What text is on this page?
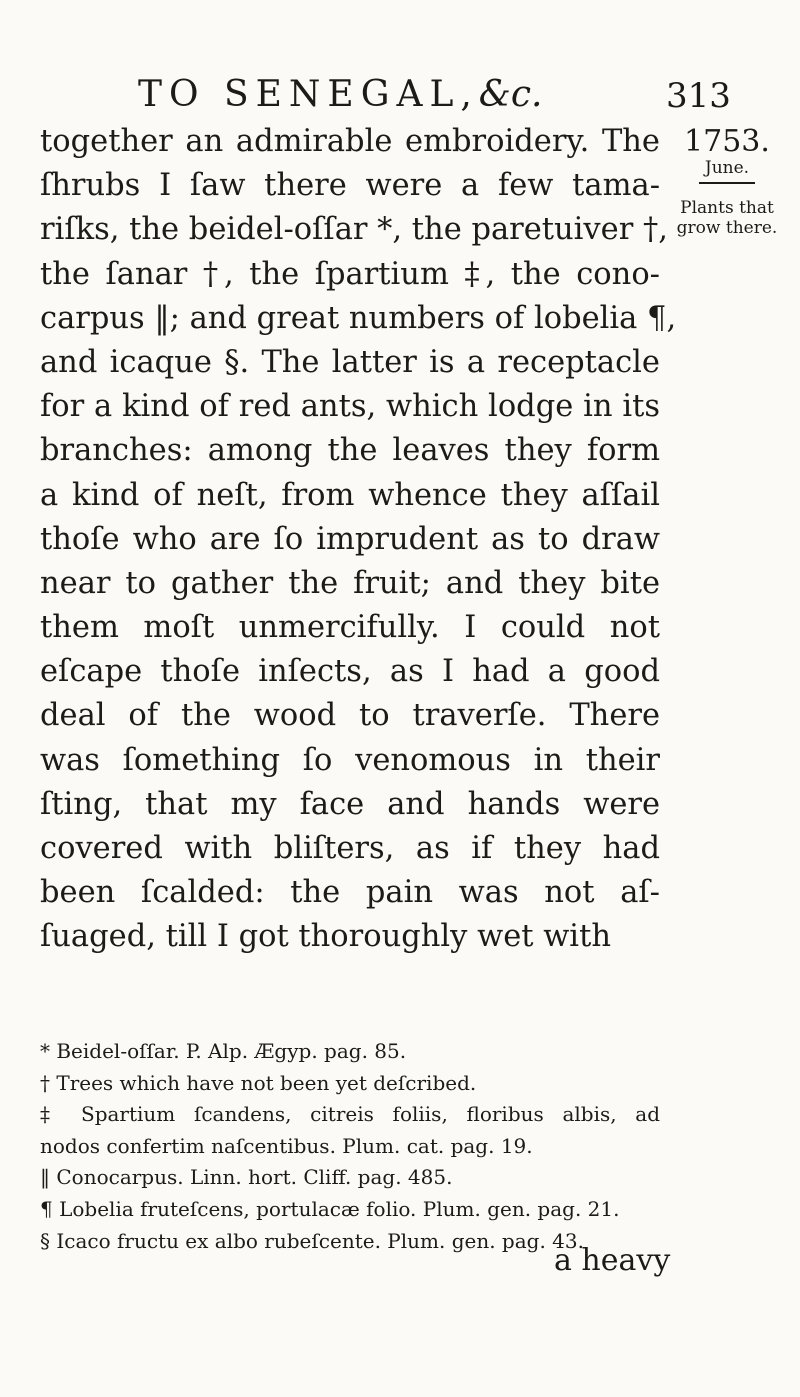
TO SENEGAL,&c.	313
1753.
June.
Plants that
grow there.
together an admirable embroidery. The
ſhrubs I ſaw there were a few tama-
riſks, the beidel-oſſar *, the paretuiver †,
the ſanar †, the ſpartium ‡, the cono-
carpus ‖; and great numbers of lobelia ¶,
and icaque §. The latter is a receptacle
for a kind of red ants, which lodge in its
branches: among the leaves they form
a kind of neſt, from whence they aſſail
thoſe who are ſo imprudent as to draw
near to gather the fruit; and they bite
them moſt unmercifully. I could not
eſcape thoſe inſects, as I had a good
deal of the wood to traverſe. There
was ſomething ſo venomous in their
ſting, that my face and hands were
covered with bliſters, as if they had
been ſcalded: the pain was not aſ-
ſuaged, till I got thoroughly wet with
* Beidel-oſſar. P. Alp. Ægyp. pag. 85.
† Trees which have not been yet deſcribed.
‡ Spartium ſcandens, citreis foliis, floribus albis, ad
nodos confertim naſcentibus. Plum. cat. pag. 19.
‖ Conocarpus. Linn. hort. Cliff. pag. 485.
¶ Lobelia fruteſcens, portulacæ folio. Plum. gen. pag. 21.
§ Icaco fructu ex albo rubeſcente. Plum. gen. pag. 43.
a heavy
